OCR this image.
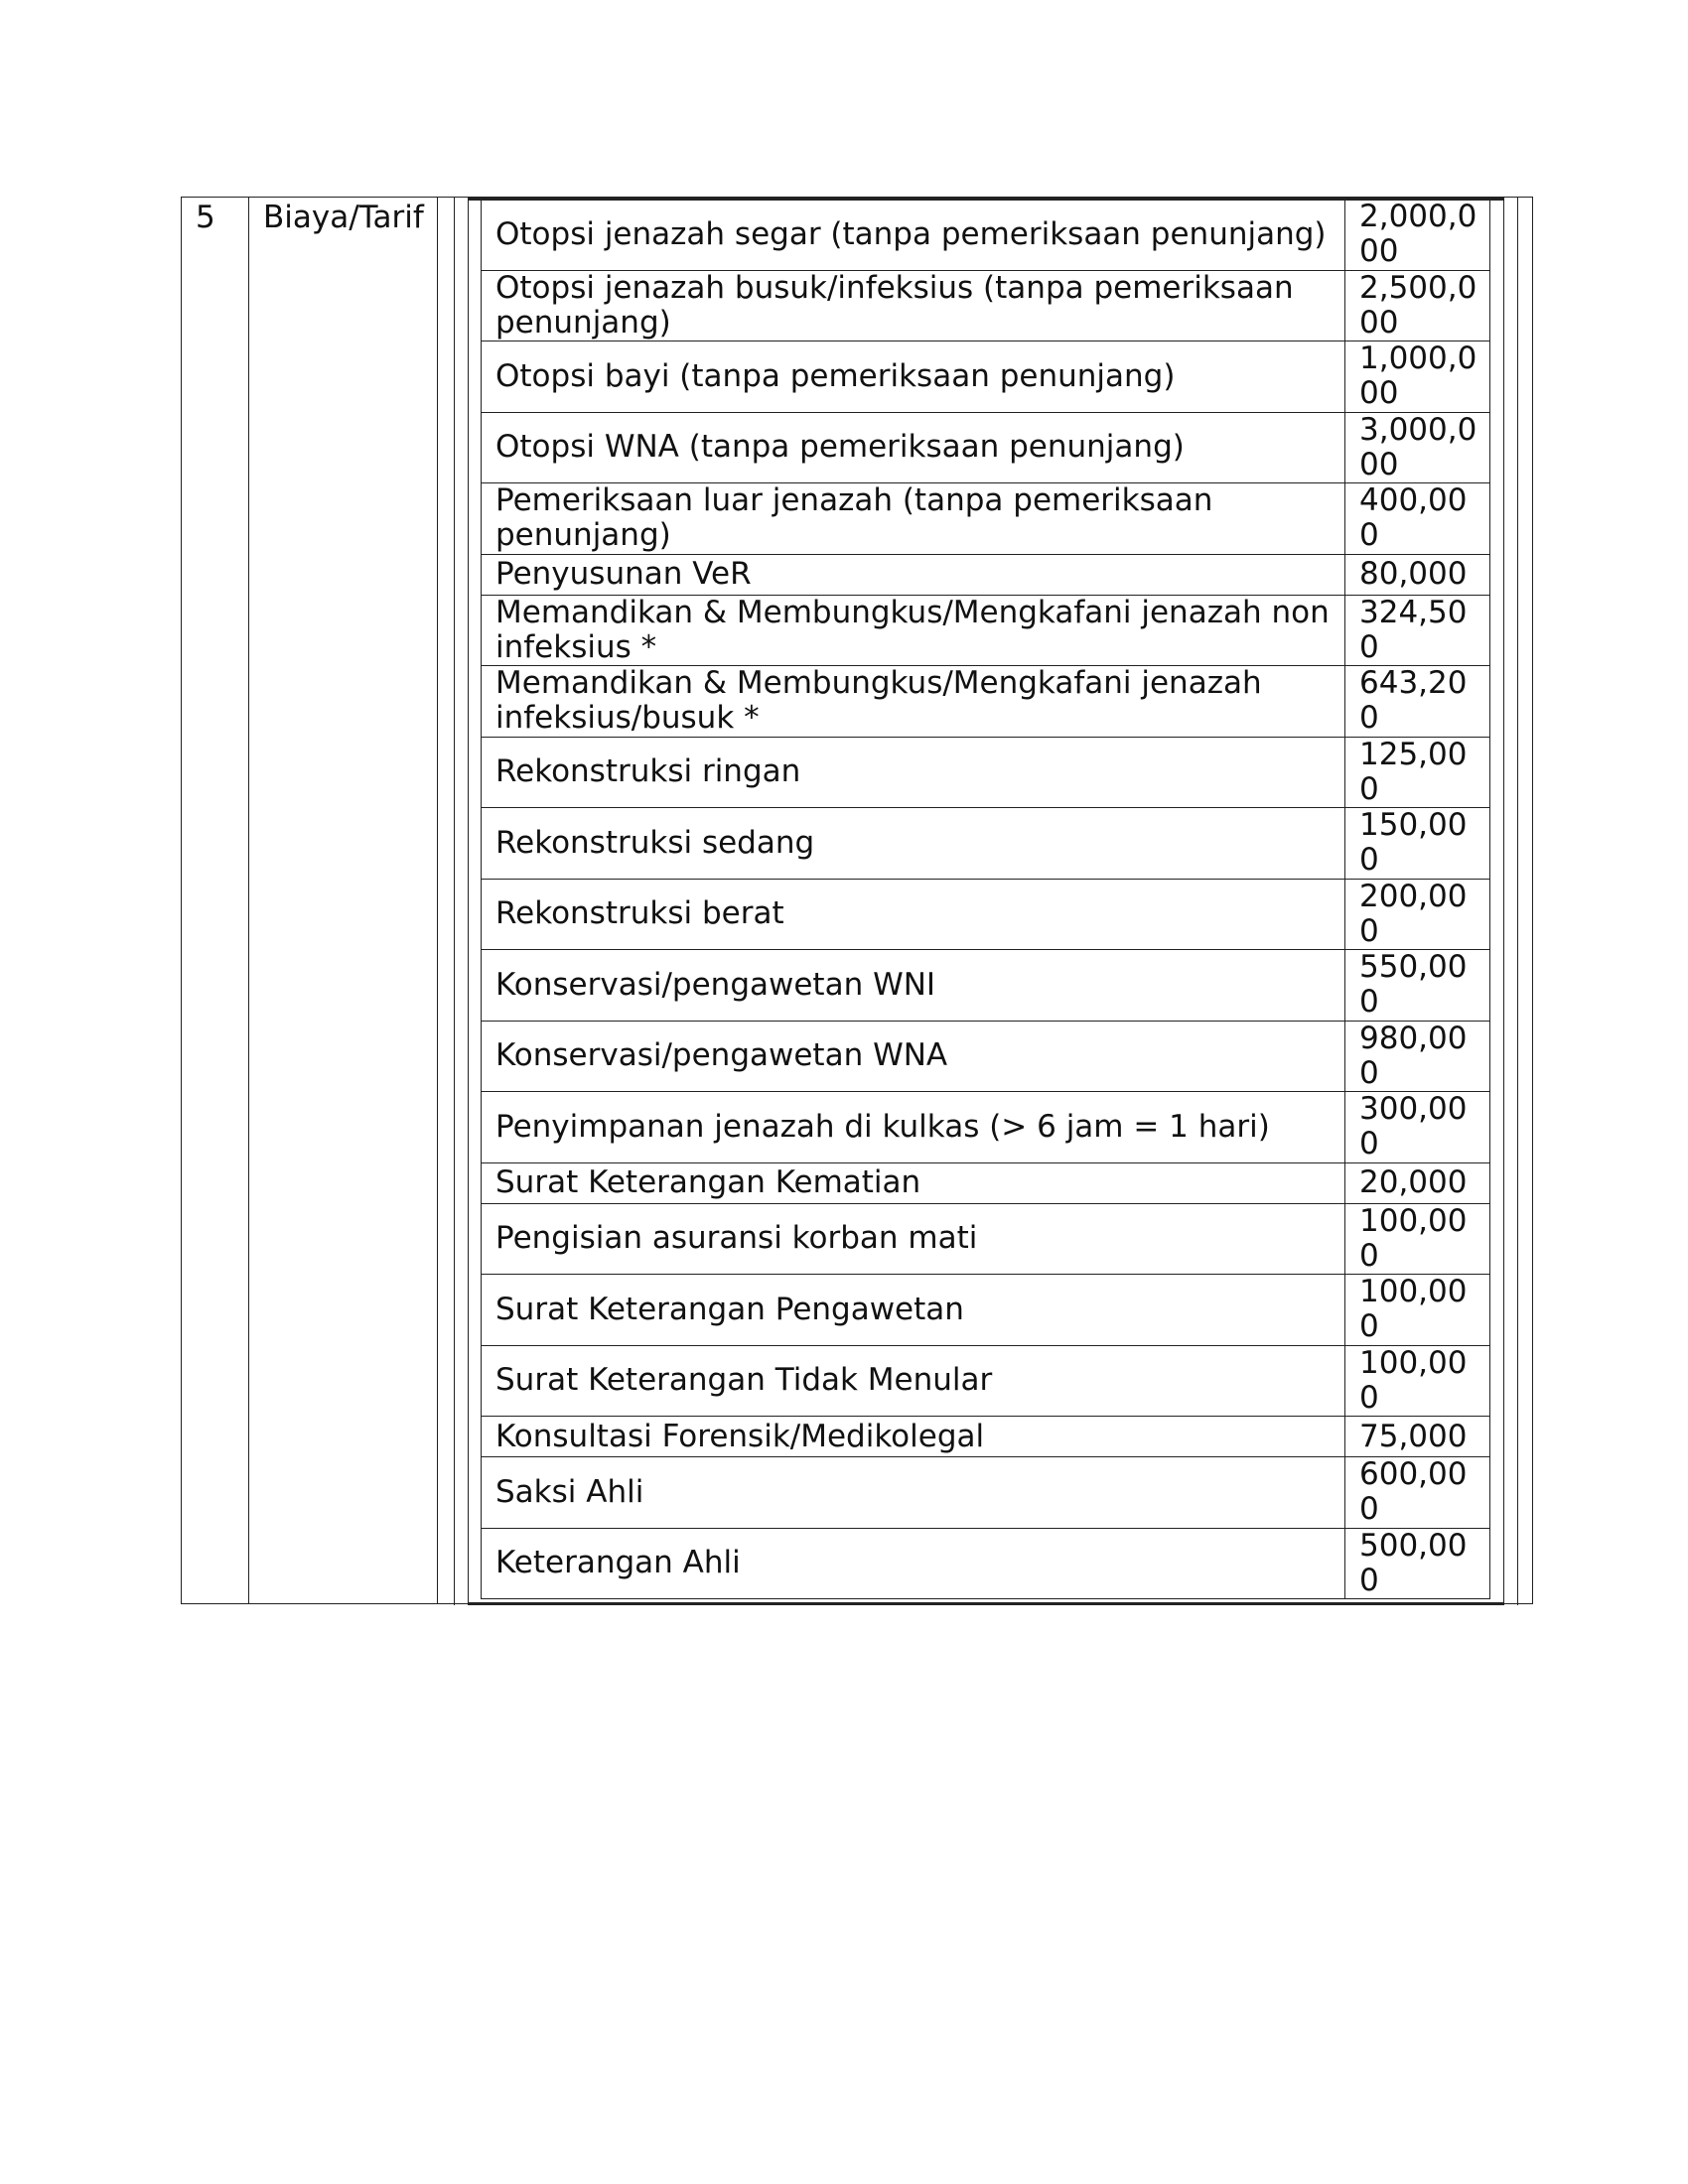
5	Biaya/Tarif	Otopsi jenazah segar (tanpa pemeriksaan penunjang)	2,000,0
00

Otopsi jenazah busuk/infeksius (tanpa pemeriksaan penunjang)	2,500,0
00

Otopsi bayi (tanpa pemeriksaan penunjang)	1,000,0
00

Otopsi WNA (tanpa pemeriksaan penunjang)	3,000,0
00

Pemeriksaan luar jenazah (tanpa pemeriksaan penunjang)	400,00
0

Penyusunan VeR	80,000

Memandikan & Membungkus/Mengkafani jenazah non infeksius *	324,50
0

Memandikan & Membungkus/Mengkafani jenazah infeksius/busuk *	643,20
0

Rekonstruksi ringan	125,00
0

Rekonstruksi sedang	150,00
0

Rekonstruksi berat	200,00
0

Konservasi/pengawetan WNI	550,00
0

Konservasi/pengawetan WNA	980,00
0

Penyimpanan jenazah di kulkas (> 6 jam = 1 hari)	300,00
0

Surat Keterangan Kematian	20,000

Pengisian asuransi korban mati	100,00
0

Surat Keterangan Pengawetan	100,00
0

Surat Keterangan Tidak Menular	100,00
0

Konsultasi Forensik/Medikolegal	75,000

Saksi Ahli	600,00
0

Keterangan Ahli	500,00
0
